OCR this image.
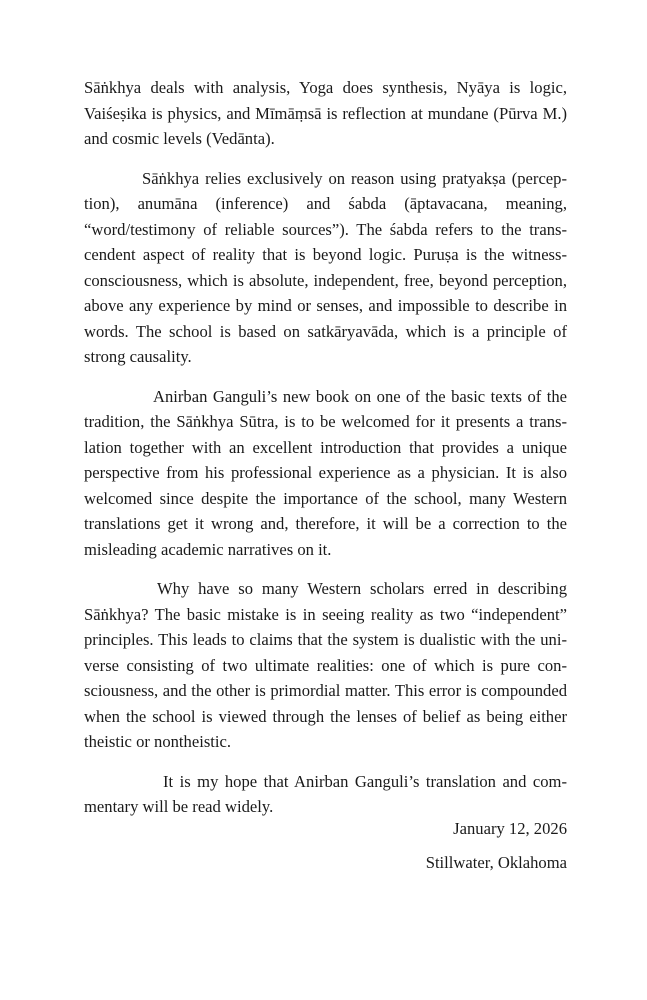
Sāṅkhya deals with analysis, Yoga does synthesis, Nyāya is logic, Vaiśeṣika is physics, and Mīmāṃsā is reflection at mundane (Pūrva M.) and cosmic levels (Vedānta).

Sāṅkhya relies exclusively on reason using pratyakṣa (perception), anumāna (inference) and śabda (āptavacana, meaning, “word/testimony of reliable sources”). The śabda refers to the transcendent aspect of reality that is beyond logic. Puruṣa is the witness-consciousness, which is absolute, independent, free, beyond perception, above any experience by mind or senses, and impossible to describe in words. The school is based on satkāryavāda, which is a principle of strong causality.

Anirban Ganguli’s new book on one of the basic texts of the tradition, the Sāṅkhya Sūtra, is to be welcomed for it presents a translation together with an excellent introduction that provides a unique perspective from his professional experience as a physician. It is also welcomed since despite the importance of the school, many Western translations get it wrong and, therefore, it will be a correction to the misleading academic narratives on it.

Why have so many Western scholars erred in describing Sāṅkhya? The basic mistake is in seeing reality as two “independent” principles. This leads to claims that the system is dualistic with the universe consisting of two ultimate realities: one of which is pure consciousness, and the other is primordial matter. This error is compounded when the school is viewed through the lenses of belief as being either theistic or nontheistic.

It is my hope that Anirban Ganguli’s translation and commentary will be read widely.

January 12, 2026
Stillwater, Oklahoma
